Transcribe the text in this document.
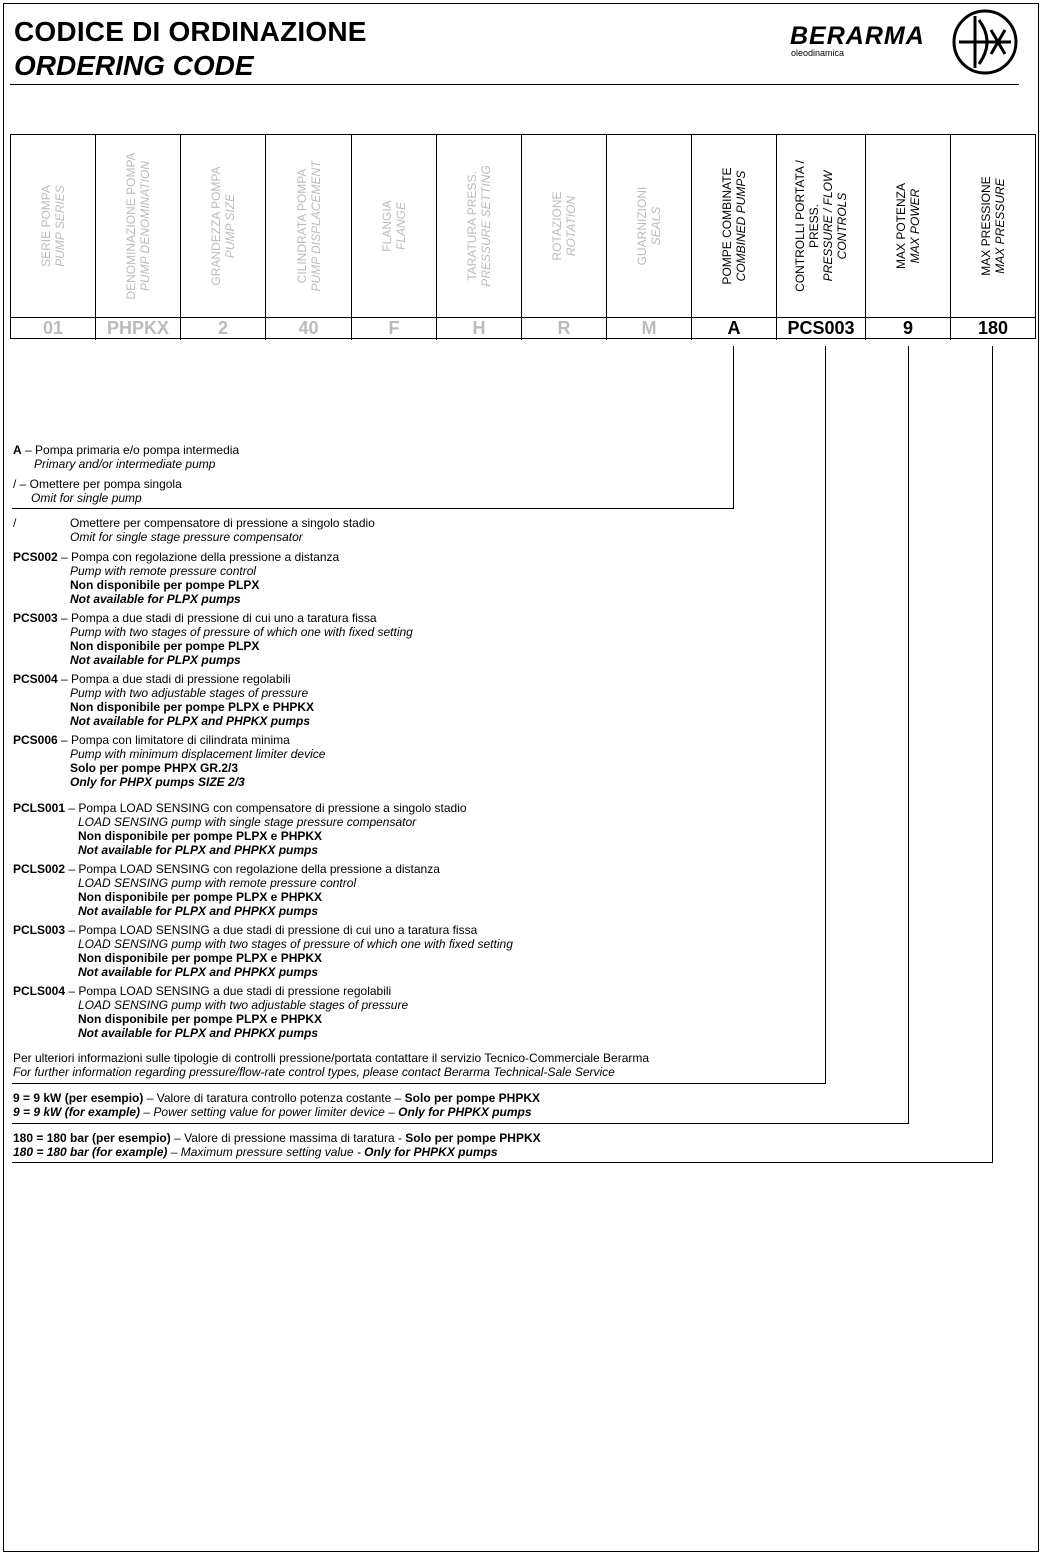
CODICE DI ORDINAZIONE
ORDERING CODE
BERARMA
oleodinamica
SERIE POMPA PUMP SERIES
01
DENOMINAZIONE POMPA PUMP DENOMINATION
PHPKX
GRANDEZZA POMPA PUMP SIZE
2
CILINDRATA POMPA PUMP DISPLACEMENT
40
FLANGIA FLANGE
F
TARATURA PRESS. PRESSURE SETTING
H
ROTAZIONE ROTATION
R
GUARNIZIONI SEALS
M
POMPE COMBINATE COMBINED PUMPS
A
CONTROLLI PORTATA / PRESS. PRESSURE / FLOW CONTROLS
PCS003
MAX POTENZA MAX POWER
9
MAX PRESSIONE MAX PRESSURE
180
A – Pompa primaria e/o pompa intermedia
Primary and/or intermediate pump
/ – Omettere per pompa singola
Omit for single pump
/	Omettere per compensatore di pressione a singolo stadio
Omit for single stage pressure compensator
PCS002 – Pompa con regolazione della pressione a distanza
Pump with remote pressure control
Non disponibile per pompe PLPX
Not available for PLPX pumps
PCS003 – Pompa a due stadi di pressione di cui uno a taratura fissa
Pump with two stages of pressure of which one with fixed setting
Non disponibile per pompe PLPX
Not available for PLPX pumps
PCS004 – Pompa a due stadi di pressione regolabili
Pump with two adjustable stages of pressure
Non disponibile per pompe PLPX e PHPKX
Not available for PLPX and PHPKX pumps
PCS006 – Pompa con limitatore di cilindrata minima
Pump with minimum displacement limiter device
Solo per pompe PHPX GR.2/3
Only for PHPX pumps SIZE 2/3
PCLS001 – Pompa LOAD SENSING con compensatore di pressione a singolo stadio
LOAD SENSING pump with single stage pressure compensator
Non disponibile per pompe PLPX e PHPKX
Not available for PLPX and PHPKX pumps
PCLS002 – Pompa LOAD SENSING con regolazione della pressione a distanza
LOAD SENSING pump with remote pressure control
Non disponibile per pompe PLPX e PHPKX
Not available for PLPX and PHPKX pumps
PCLS003 – Pompa LOAD SENSING a due stadi di pressione di cui uno a taratura fissa
LOAD SENSING pump with two stages of pressure of which one with fixed setting
Non disponibile per pompe PLPX e PHPKX
Not available for PLPX and PHPKX pumps
PCLS004 – Pompa LOAD SENSING a due stadi di pressione regolabili
LOAD SENSING pump with two adjustable stages of pressure
Non disponibile per pompe PLPX e PHPKX
Not available for PLPX and PHPKX pumps
Per ulteriori informazioni sulle tipologie di controlli pressione/portata contattare il servizio Tecnico-Commerciale Berarma
For further information regarding pressure/flow-rate control types, please contact Berarma Technical-Sale Service
9 = 9 kW (per esempio) – Valore di taratura controllo potenza costante – Solo per pompe PHPKX
9 = 9 kW (for example) – Power setting value for power limiter device – Only for PHPKX pumps
180 = 180 bar (per esempio) – Valore di pressione massima di taratura - Solo per pompe PHPKX
180 = 180 bar (for example) – Maximum pressure setting value - Only for PHPKX pumps
